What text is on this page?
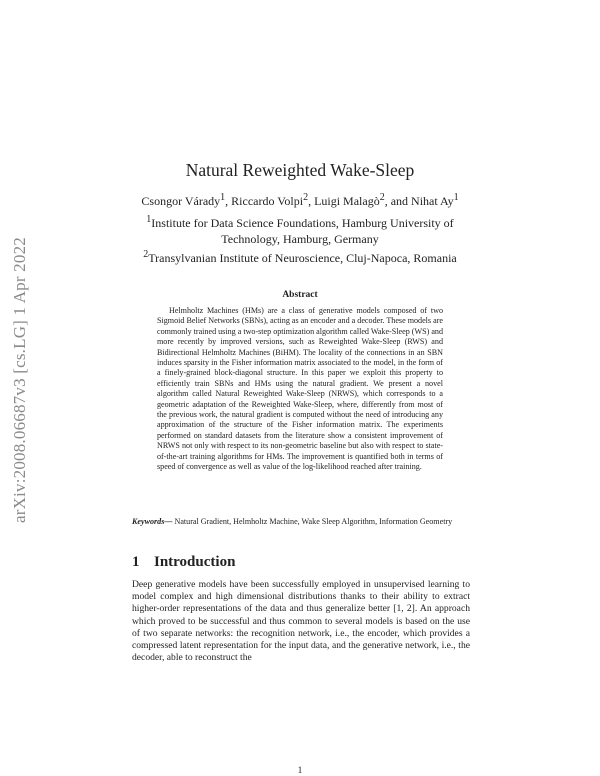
arXiv:2008.06687v3 [cs.LG] 1 Apr 2022
Natural Reweighted Wake-Sleep
Csongor Várady$^1$, Riccardo Volpi$^2$, Luigi Malagò$^2$, and Nihat Ay$^1$
$^1$Institute for Data Science Foundations, Hamburg University of Technology, Hamburg, Germany
$^2$Transylvanian Institute of Neuroscience, Cluj-Napoca, Romania
Abstract
Helmholtz Machines (HMs) are a class of generative models composed of two Sigmoid Belief Networks (SBNs), acting as an encoder and a decoder. These models are commonly trained using a two-step optimization algorithm called Wake-Sleep (WS) and more recently by improved versions, such as Reweighted Wake-Sleep (RWS) and Bidirectional Helmholtz Machines (BiHM). The locality of the connections in an SBN induces sparsity in the Fisher information matrix associated to the model, in the form of a finely-grained block-diagonal structure. In this paper we exploit this property to efficiently train SBNs and HMs using the natural gradient. We present a novel algorithm called Natural Reweighted Wake-Sleep (NRWS), which corresponds to a geometric adaptation of the Reweighted Wake-Sleep, where, differently from most of the previous work, the natural gradient is computed without the need of introducing any approximation of the structure of the Fisher information matrix. The experiments performed on standard datasets from the literature show a consistent improvement of NRWS not only with respect to its non-geometric baseline but also with respect to state-of-the-art training algorithms for HMs. The improvement is quantified both in terms of speed of convergence as well as value of the log-likelihood reached after training.
Keywords— Natural Gradient, Helmholtz Machine, Wake Sleep Algorithm, Information Geometry
1 Introduction
Deep generative models have been successfully employed in unsupervised learning to model complex and high dimensional distributions thanks to their ability to extract higher-order representations of the data and thus generalize better [1, 2]. An approach which proved to be successful and thus common to several models is based on the use of two separate networks: the recognition network, i.e., the encoder, which provides a compressed latent representation for the input data, and the generative network, i.e., the decoder, able to reconstruct the
1
